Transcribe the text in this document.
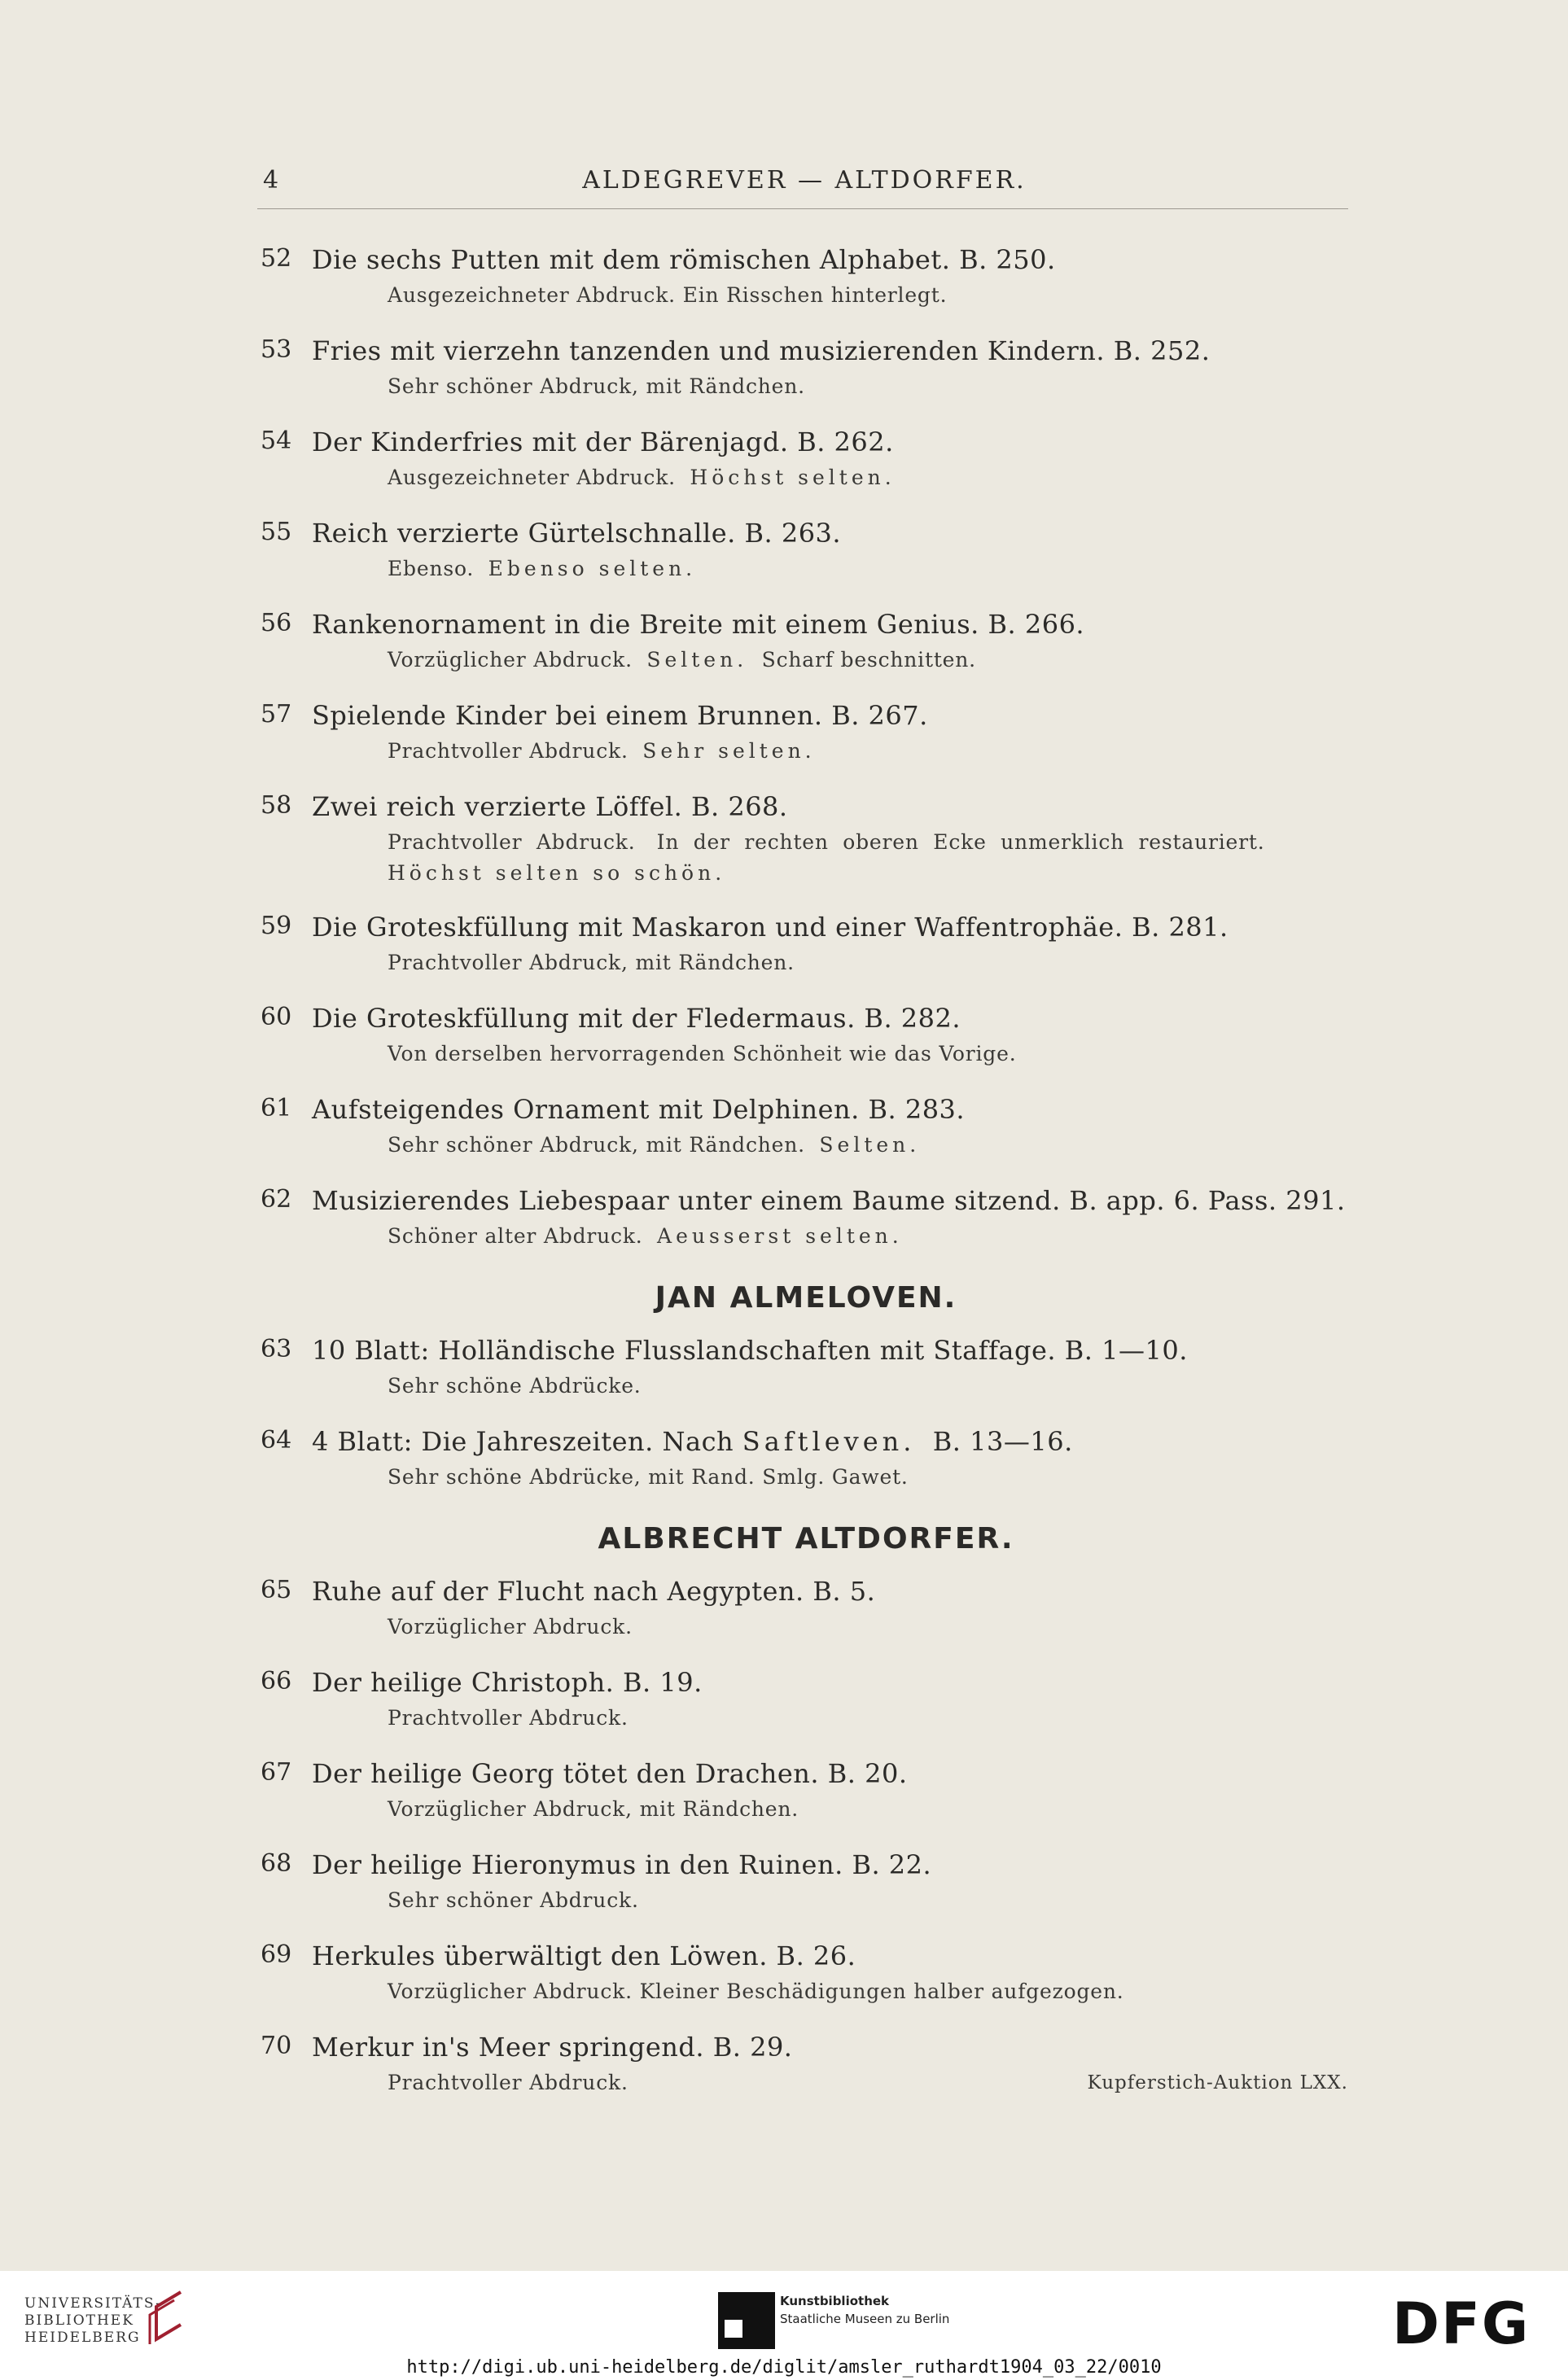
4	ALDEGREVER — ALTDORFER.
52 Die sechs Putten mit dem römischen Alphabet. B. 250.
Ausgezeichneter Abdruck. Ein Risschen hinterlegt.
53 Fries mit vierzehn tanzenden und musizierenden Kindern. B. 252.
Sehr schöner Abdruck, mit Rändchen.
54 Der Kinderfries mit der Bärenjagd. B. 262.
Ausgezeichneter Abdruck. Höchst selten.
55 Reich verzierte Gürtelschnalle. B. 263.
Ebenso. Ebenso selten.
56 Rankenornament in die Breite mit einem Genius. B. 266.
Vorzüglicher Abdruck. Selten. Scharf beschnitten.
57 Spielende Kinder bei einem Brunnen. B. 267.
Prachtvoller Abdruck. Sehr selten.
58 Zwei reich verzierte Löffel. B. 268.
Prachtvoller  Abdruck.   In  der  rechten  oberen  Ecke  unmerklich  restauriert.
Höchst selten so schön.
59 Die Groteskfüllung mit Maskaron und einer Waffentrophäe. B. 281.
Prachtvoller Abdruck, mit Rändchen.
60 Die Groteskfüllung mit der Fledermaus. B. 282.
Von derselben hervorragenden Schönheit wie das Vorige.
61 Aufsteigendes Ornament mit Delphinen. B. 283.
Sehr schöner Abdruck, mit Rändchen. Selten.
62 Musizierendes Liebespaar unter einem Baume sitzend. B. app. 6. Pass. 291.
Schöner alter Abdruck. Aeusserst selten.
JAN ALMELOVEN.
63 10 Blatt: Holländische Flusslandschaften mit Staffage. B. 1—10.
Sehr schöne Abdrücke.
64 4 Blatt: Die Jahreszeiten. Nach Saftleven. B. 13—16.
Sehr schöne Abdrücke, mit Rand. Smlg. Gawet.
ALBRECHT ALTDORFER.
65 Ruhe auf der Flucht nach Aegypten. B. 5.
Vorzüglicher Abdruck.
66 Der heilige Christoph. B. 19.
Prachtvoller Abdruck.
67 Der heilige Georg tötet den Drachen. B. 20.
Vorzüglicher Abdruck, mit Rändchen.
68 Der heilige Hieronymus in den Ruinen. B. 22.
Sehr schöner Abdruck.
69 Herkules überwältigt den Löwen. B. 26.
Vorzüglicher Abdruck. Kleiner Beschädigungen halber aufgezogen.
70 Merkur in's Meer springend. B. 29.
Prachtvoller Abdruck.	Kupferstich-Auktion LXX.
UNIVERSITÄTS-
BIBLIOTHEK
HEIDELBERG
Kunstbibliothek
Staatliche Museen zu Berlin	DFG
http://digi.ub.uni-heidelberg.de/diglit/amsler_ruthardt1904_03_22/0010
